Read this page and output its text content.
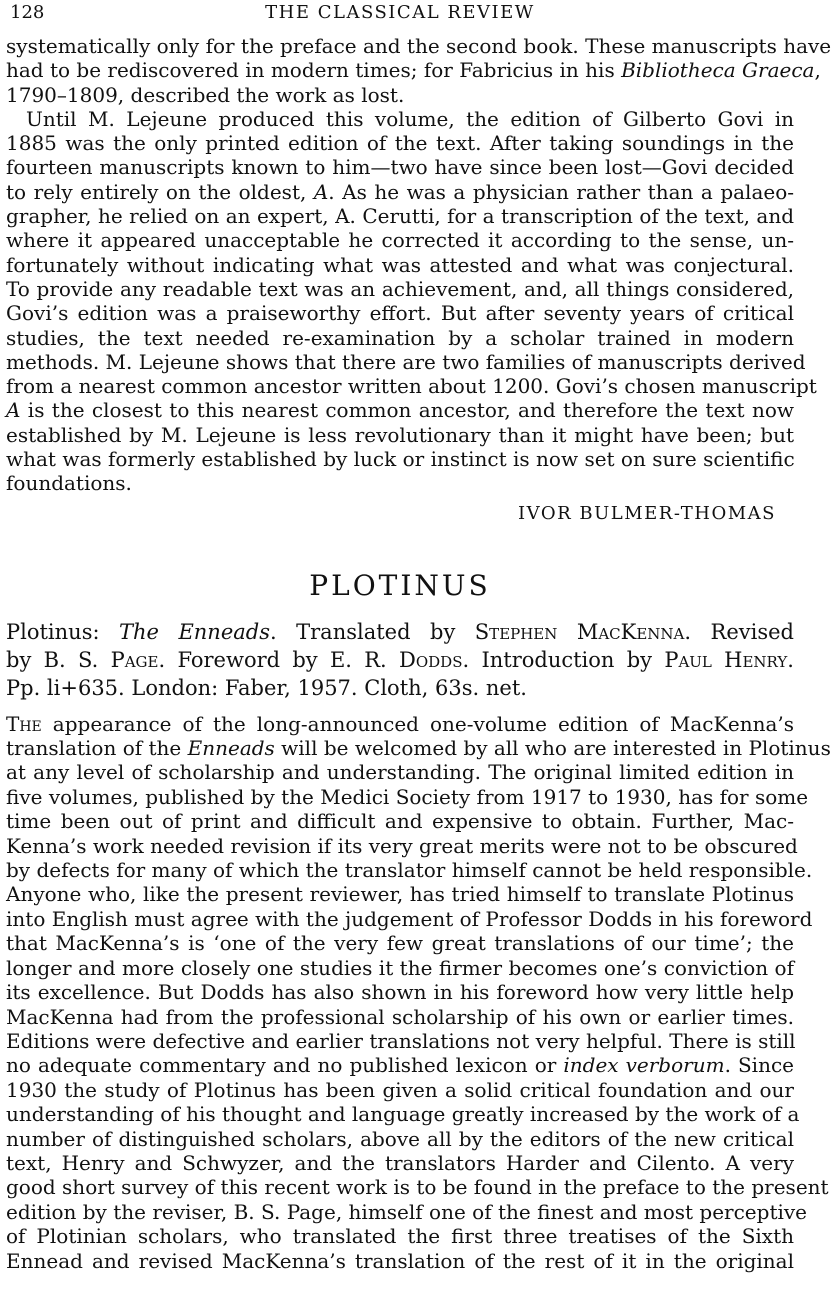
128	THE CLASSICAL REVIEW

systematically only for the preface and the second book. These manuscripts have
had to be rediscovered in modern times; for Fabricius in his Bibliotheca Graeca,
1790–1809, described the work as lost.

Until M. Lejeune produced this volume, the edition of Gilberto Govi in
1885 was the only printed edition of the text. After taking soundings in the
fourteen manuscripts known to him—two have since been lost—Govi decided
to rely entirely on the oldest, A. As he was a physician rather than a palaeo-
grapher, he relied on an expert, A. Cerutti, for a transcription of the text, and
where it appeared unacceptable he corrected it according to the sense, un-
fortunately without indicating what was attested and what was conjectural.
To provide any readable text was an achievement, and, all things considered,
Govi’s edition was a praiseworthy effort. But after seventy years of critical
studies, the text needed re-examination by a scholar trained in modern
methods. M. Lejeune shows that there are two families of manuscripts derived
from a nearest common ancestor written about 1200. Govi’s chosen manuscript
A is the closest to this nearest common ancestor, and therefore the text now
established by M. Lejeune is less revolutionary than it might have been; but
what was formerly established by luck or instinct is now set on sure scientific
foundations.

IVOR BULMER-THOMAS
PLOTINUS
Plotinus: The Enneads. Translated by Stephen MacKenna. Revised
by B. S. Page. Foreword by E. R. Dodds. Introduction by Paul Henry.
Pp. li+635. London: Faber, 1957. Cloth, 63s. net.

The appearance of the long-announced one-volume edition of MacKenna’s
translation of the Enneads will be welcomed by all who are interested in Plotinus
at any level of scholarship and understanding. The original limited edition in
five volumes, published by the Medici Society from 1917 to 1930, has for some
time been out of print and difficult and expensive to obtain. Further, Mac-
Kenna’s work needed revision if its very great merits were not to be obscured
by defects for many of which the translator himself cannot be held responsible.
Anyone who, like the present reviewer, has tried himself to translate Plotinus
into English must agree with the judgement of Professor Dodds in his foreword
that MacKenna’s is ‘one of the very few great translations of our time’; the
longer and more closely one studies it the firmer becomes one’s conviction of
its excellence. But Dodds has also shown in his foreword how very little help
MacKenna had from the professional scholarship of his own or earlier times.
Editions were defective and earlier translations not very helpful. There is still
no adequate commentary and no published lexicon or index verborum. Since
1930 the study of Plotinus has been given a solid critical foundation and our
understanding of his thought and language greatly increased by the work of a
number of distinguished scholars, above all by the editors of the new critical
text, Henry and Schwyzer, and the translators Harder and Cilento. A very
good short survey of this recent work is to be found in the preface to the present
edition by the reviser, B. S. Page, himself one of the finest and most perceptive
of Plotinian scholars, who translated the first three treatises of the Sixth
Ennead and revised MacKenna’s translation of the rest of it in the original
